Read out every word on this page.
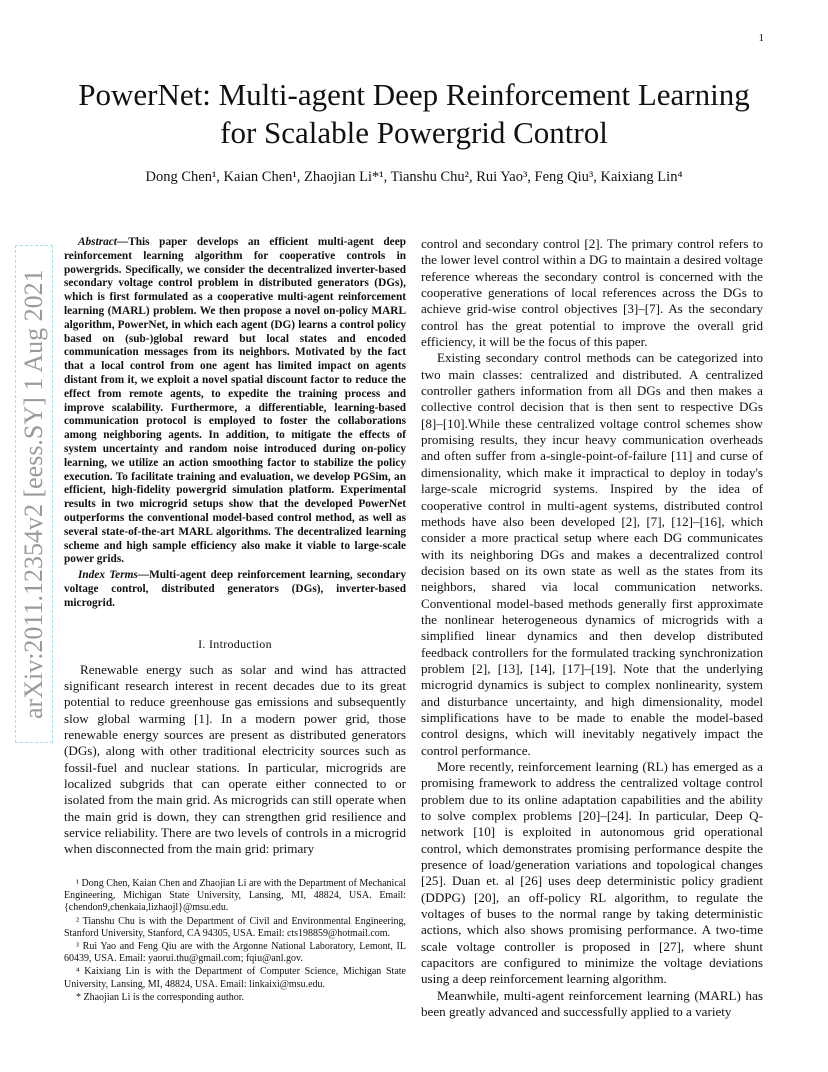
1
PowerNet: Multi-agent Deep Reinforcement Learning for Scalable Powergrid Control
Dong Chen¹, Kaian Chen¹, Zhaojian Li*¹, Tianshu Chu², Rui Yao³, Feng Qiu³, Kaixiang Lin⁴
arXiv:2011.12354v2 [eess.SY] 1 Aug 2021

Abstract—This paper develops an efficient multi-agent deep reinforcement learning algorithm for cooperative controls in powergrids. Specifically, we consider the decentralized inverter-based secondary voltage control problem in distributed generators (DGs), which is first formulated as a cooperative multi-agent reinforcement learning (MARL) problem. We then propose a novel on-policy MARL algorithm, PowerNet, in which each agent (DG) learns a control policy based on (sub-)global reward but local states and encoded communication messages from its neighbors. Motivated by the fact that a local control from one agent has limited impact on agents distant from it, we exploit a novel spatial discount factor to reduce the effect from remote agents, to expedite the training process and improve scalability. Furthermore, a differentiable, learning-based communication protocol is employed to foster the collaborations among neighboring agents. In addition, to mitigate the effects of system uncertainty and random noise introduced during on-policy learning, we utilize an action smoothing factor to stabilize the policy execution. To facilitate training and evaluation, we develop PGSim, an efficient, high-fidelity powergrid simulation platform. Experimental results in two microgrid setups show that the developed PowerNet outperforms the conventional model-based control method, as well as several state-of-the-art MARL algorithms. The decentralized learning scheme and high sample efficiency also make it viable to large-scale power grids.

Index Terms—Multi-agent deep reinforcement learning, secondary voltage control, distributed generators (DGs), inverter-based microgrid.

I. Introduction

Renewable energy such as solar and wind has attracted significant research interest in recent decades due to its great potential to reduce greenhouse gas emissions and subsequently slow global warming [1]. In a modern power grid, those renewable energy sources are present as distributed generators (DGs), along with other traditional electricity sources such as fossil-fuel and nuclear stations. In particular, microgrids are localized subgrids that can operate either connected to or isolated from the main grid. As microgrids can still operate when the main grid is down, they can strengthen grid resilience and service reliability. There are two levels of controls in a microgrid when disconnected from the main grid: primary

¹ Dong Chen, Kaian Chen and Zhaojian Li are with the Department of Mechanical Engineering, Michigan State University, Lansing, MI, 48824, USA. Email: {chendon9,chenkaia,lizhaojl}@msu.edu.

² Tianshu Chu is with the Department of Civil and Environmental Engineering, Stanford University, Stanford, CA 94305, USA. Email: cts198859@hotmail.com.

³ Rui Yao and Feng Qiu are with the Argonne National Laboratory, Lemont, IL 60439, USA. Email: yaorui.thu@gmail.com; fqiu@anl.gov.

⁴ Kaixiang Lin is with the Department of Computer Science, Michigan State University, Lansing, MI, 48824, USA. Email: linkaixi@msu.edu.

* Zhaojian Li is the corresponding author.

control and secondary control [2]. The primary control refers to the lower level control within a DG to maintain a desired voltage reference whereas the secondary control is concerned with the cooperative generations of local references across the DGs to achieve grid-wise control objectives [3]–[7]. As the secondary control has the great potential to improve the overall grid efficiency, it will be the focus of this paper.

Existing secondary control methods can be categorized into two main classes: centralized and distributed. A centralized controller gathers information from all DGs and then makes a collective control decision that is then sent to respective DGs [8]–[10].While these centralized voltage control schemes show promising results, they incur heavy communication overheads and often suffer from a-single-point-of-failure [11] and curse of dimensionality, which make it impractical to deploy in today's large-scale microgrid systems. Inspired by the idea of cooperative control in multi-agent systems, distributed control methods have also been developed [2], [7], [12]–[16], which consider a more practical setup where each DG communicates with its neighboring DGs and makes a decentralized control decision based on its own state as well as the states from its neighbors, shared via local communication networks. Conventional model-based methods generally first approximate the nonlinear heterogeneous dynamics of microgrids with a simplified linear dynamics and then develop distributed feedback controllers for the formulated tracking synchronization problem [2], [13], [14], [17]–[19]. Note that the underlying microgrid dynamics is subject to complex nonlinearity, system and disturbance uncertainty, and high dimensionality, model simplifications have to be made to enable the model-based control designs, which will inevitably negatively impact the control performance.

More recently, reinforcement learning (RL) has emerged as a promising framework to address the centralized voltage control problem due to its online adaptation capabilities and the ability to solve complex problems [20]–[24]. In particular, Deep Q-network [10] is exploited in autonomous grid operational control, which demonstrates promising performance despite the presence of load/generation variations and topological changes [25]. Duan et. al [26] uses deep deterministic policy gradient (DDPG) [20], an off-policy RL algorithm, to regulate the voltages of buses to the normal range by taking deterministic actions, which also shows promising performance. A two-time scale voltage controller is proposed in [27], where shunt capacitors are configured to minimize the voltage deviations using a deep reinforcement learning algorithm.

Meanwhile, multi-agent reinforcement learning (MARL) has been greatly advanced and successfully applied to a variety
